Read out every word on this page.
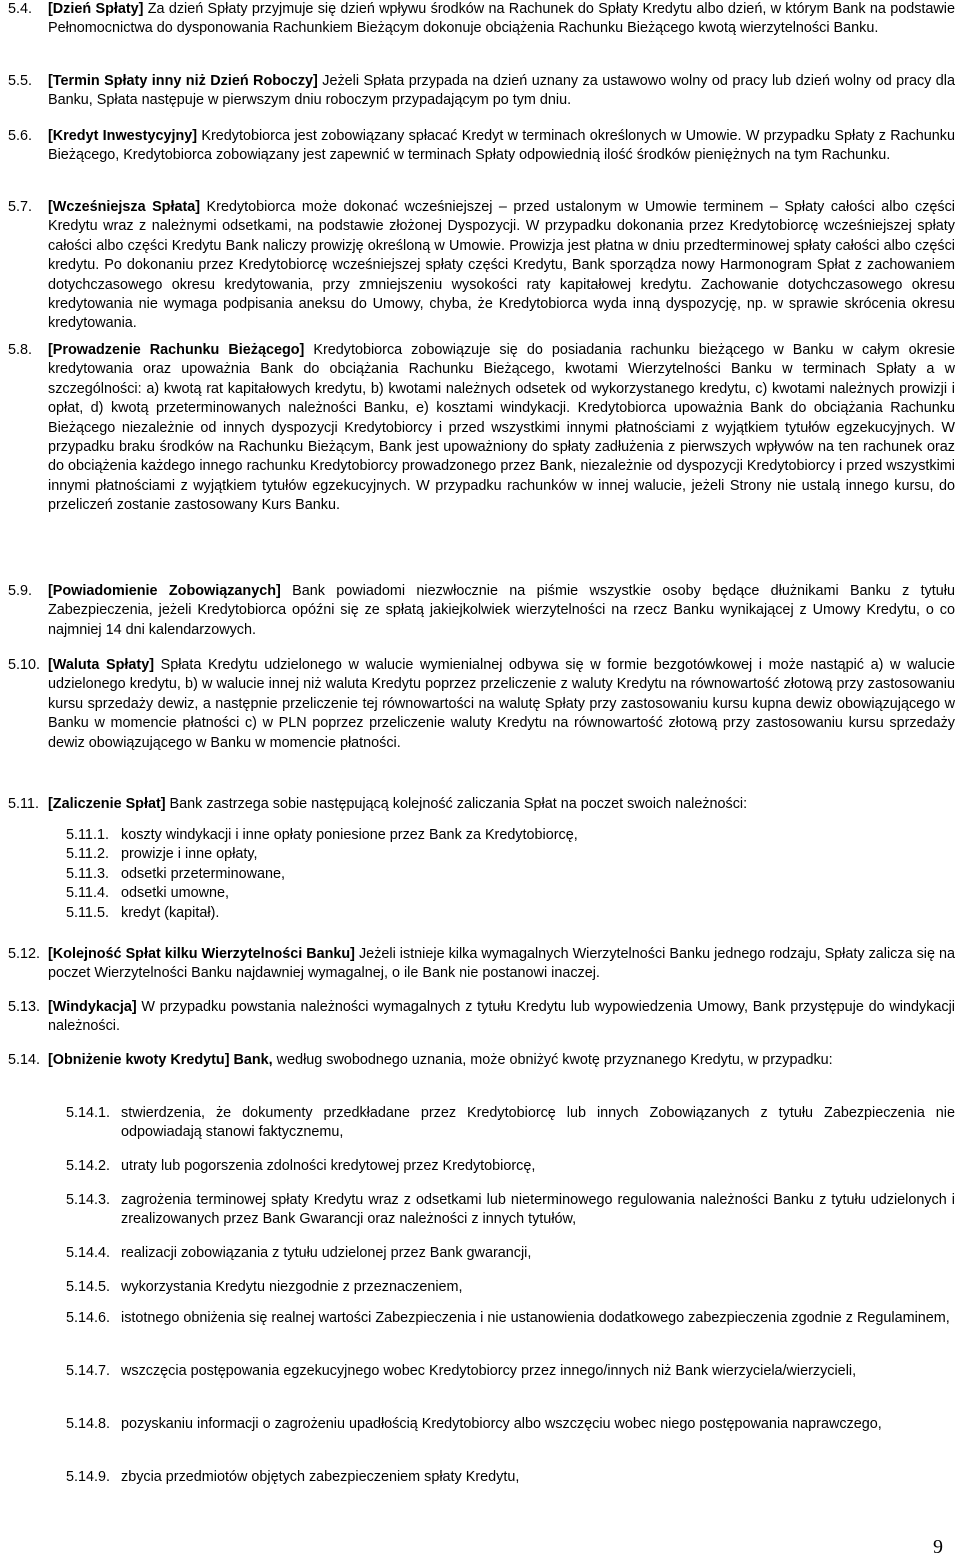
5.4.	[Dzień Spłaty] Za dzień Spłaty przyjmuje się dzień wpływu środków na Rachunek do Spłaty Kredytu albo dzień, w którym Bank na podstawie Pełnomocnictwa do dysponowania Rachunkiem Bieżącym dokonuje obciążenia Rachunku Bieżącego kwotą wierzytelności Banku.
5.5.	[Termin Spłaty inny niż Dzień Roboczy] Jeżeli Spłata przypada na dzień uznany za ustawowo wolny od pracy lub dzień wolny od pracy dla Banku, Spłata następuje w pierwszym dniu roboczym przypadającym po tym dniu.
5.6.	[Kredyt Inwestycyjny] Kredytobiorca jest zobowiązany spłacać Kredyt w terminach określonych w Umowie. W przypadku Spłaty z Rachunku Bieżącego, Kredytobiorca zobowiązany jest zapewnić w terminach Spłaty odpowiednią ilość środków pieniężnych na tym Rachunku.
5.7.	[Wcześniejsza Spłata] Kredytobiorca może dokonać wcześniejszej – przed ustalonym w Umowie terminem – Spłaty całości albo części Kredytu wraz z należnymi odsetkami, na podstawie złożonej Dyspozycji. W przypadku dokonania przez Kredytobiorcę wcześniejszej spłaty całości albo części Kredytu Bank naliczy prowizję określoną w Umowie. Prowizja jest płatna w dniu przedterminowej spłaty całości albo części kredytu. Po dokonaniu przez Kredytobiorcę wcześniejszej spłaty części Kredytu, Bank sporządza nowy Harmonogram Spłat z zachowaniem dotychczasowego okresu kredytowania, przy zmniejszeniu wysokości raty kapitałowej kredytu. Zachowanie dotychczasowego okresu kredytowania nie wymaga podpisania aneksu do Umowy, chyba, że Kredytobiorca wyda inną dyspozycję, np. w sprawie skrócenia okresu kredytowania.
5.8.	[Prowadzenie Rachunku Bieżącego] Kredytobiorca zobowiązuje się do posiadania rachunku bieżącego w Banku w całym okresie kredytowania oraz upoważnia Bank do obciążania Rachunku Bieżącego, kwotami Wierzytelności Banku w terminach Spłaty a w szczególności: a) kwotą rat kapitałowych kredytu, b) kwotami należnych odsetek od wykorzystanego kredytu, c) kwotami należnych prowizji i opłat, d) kwotą przeterminowanych należności Banku, e) kosztami windykacji. Kredytobiorca upoważnia Bank do obciążania Rachunku Bieżącego niezależnie od innych dyspozycji Kredytobiorcy i przed wszystkimi innymi płatnościami z wyjątkiem tytułów egzekucyjnych. W przypadku braku środków na Rachunku Bieżącym, Bank jest upoważniony do spłaty zadłużenia z pierwszych wpływów na ten rachunek oraz do obciążenia każdego innego rachunku Kredytobiorcy prowadzonego przez Bank, niezależnie od dyspozycji Kredytobiorcy i przed wszystkimi innymi płatnościami z wyjątkiem tytułów egzekucyjnych. W przypadku rachunków w innej walucie, jeżeli Strony nie ustalą innego kursu, do przeliczeń zostanie zastosowany Kurs Banku.
5.9.	[Powiadomienie Zobowiązanych] Bank powiadomi niezwłocznie na piśmie wszystkie osoby będące dłużnikami Banku z tytułu Zabezpieczenia, jeżeli Kredytobiorca opóźni się ze spłatą jakiejkolwiek wierzytelności na rzecz Banku wynikającej z Umowy Kredytu, o co najmniej 14 dni kalendarzowych.
5.10. [Waluta Spłaty] Spłata Kredytu udzielonego w walucie wymienialnej odbywa się w formie bezgotówkowej i może nastąpić a) w walucie udzielonego kredytu, b) w walucie innej niż waluta Kredytu poprzez przeliczenie z waluty Kredytu na równowartość złotową przy zastosowaniu kursu sprzedaży dewiz, a następnie przeliczenie tej równowartości na walutę Spłaty przy zastosowaniu kursu kupna dewiz obowiązującego w Banku w momencie płatności c) w PLN poprzez przeliczenie waluty Kredytu na równowartość złotową przy zastosowaniu kursu sprzedaży dewiz obowiązującego w Banku w momencie płatności.
5.11. [Zaliczenie Spłat] Bank zastrzega sobie następującą kolejność zaliczania Spłat na poczet swoich należności:
5.11.1. koszty windykacji i inne opłaty poniesione przez Bank za Kredytobiorcę,
5.11.2. prowizje i inne opłaty,
5.11.3. odsetki przeterminowane,
5.11.4. odsetki umowne,
5.11.5. kredyt (kapitał).
5.12. [Kolejność Spłat kilku Wierzytelności Banku] Jeżeli istnieje kilka wymagalnych Wierzytelności Banku jednego rodzaju, Spłaty zalicza się na poczet Wierzytelności Banku najdawniej wymagalnej, o ile Bank nie postanowi inaczej.
5.13. [Windykacja] W przypadku powstania należności wymagalnych z tytułu Kredytu lub wypowiedzenia Umowy, Bank przystępuje do windykacji należności.
5.14. [Obniżenie kwoty Kredytu] Bank, według swobodnego uznania, może obniżyć kwotę przyznanego Kredytu, w przypadku:
5.14.1. stwierdzenia, że dokumenty przedkładane przez Kredytobiorcę lub innych Zobowiązanych z tytułu Zabezpieczenia nie odpowiadają stanowi faktycznemu,
5.14.2. utraty lub pogorszenia zdolności kredytowej przez Kredytobiorcę,
5.14.3. zagrożenia terminowej spłaty Kredytu wraz z odsetkami lub nieterminowego regulowania należności Banku z tytułu udzielonych i zrealizowanych przez Bank Gwarancji oraz należności z innych tytułów,
5.14.4. realizacji zobowiązania z tytułu udzielonej przez Bank gwarancji,
5.14.5. wykorzystania Kredytu niezgodnie z przeznaczeniem,
5.14.6. istotnego obniżenia się realnej wartości Zabezpieczenia i nie ustanowienia dodatkowego zabezpieczenia zgodnie z Regulaminem,
5.14.7. wszczęcia postępowania egzekucyjnego wobec Kredytobiorcy przez innego/innych niż Bank wierzyciela/wierzycieli,
5.14.8. pozyskaniu informacji o zagrożeniu upadłością Kredytobiorcy albo wszczęciu wobec niego postępowania naprawczego,
5.14.9. zbycia przedmiotów objętych zabezpieczeniem spłaty Kredytu,
9
